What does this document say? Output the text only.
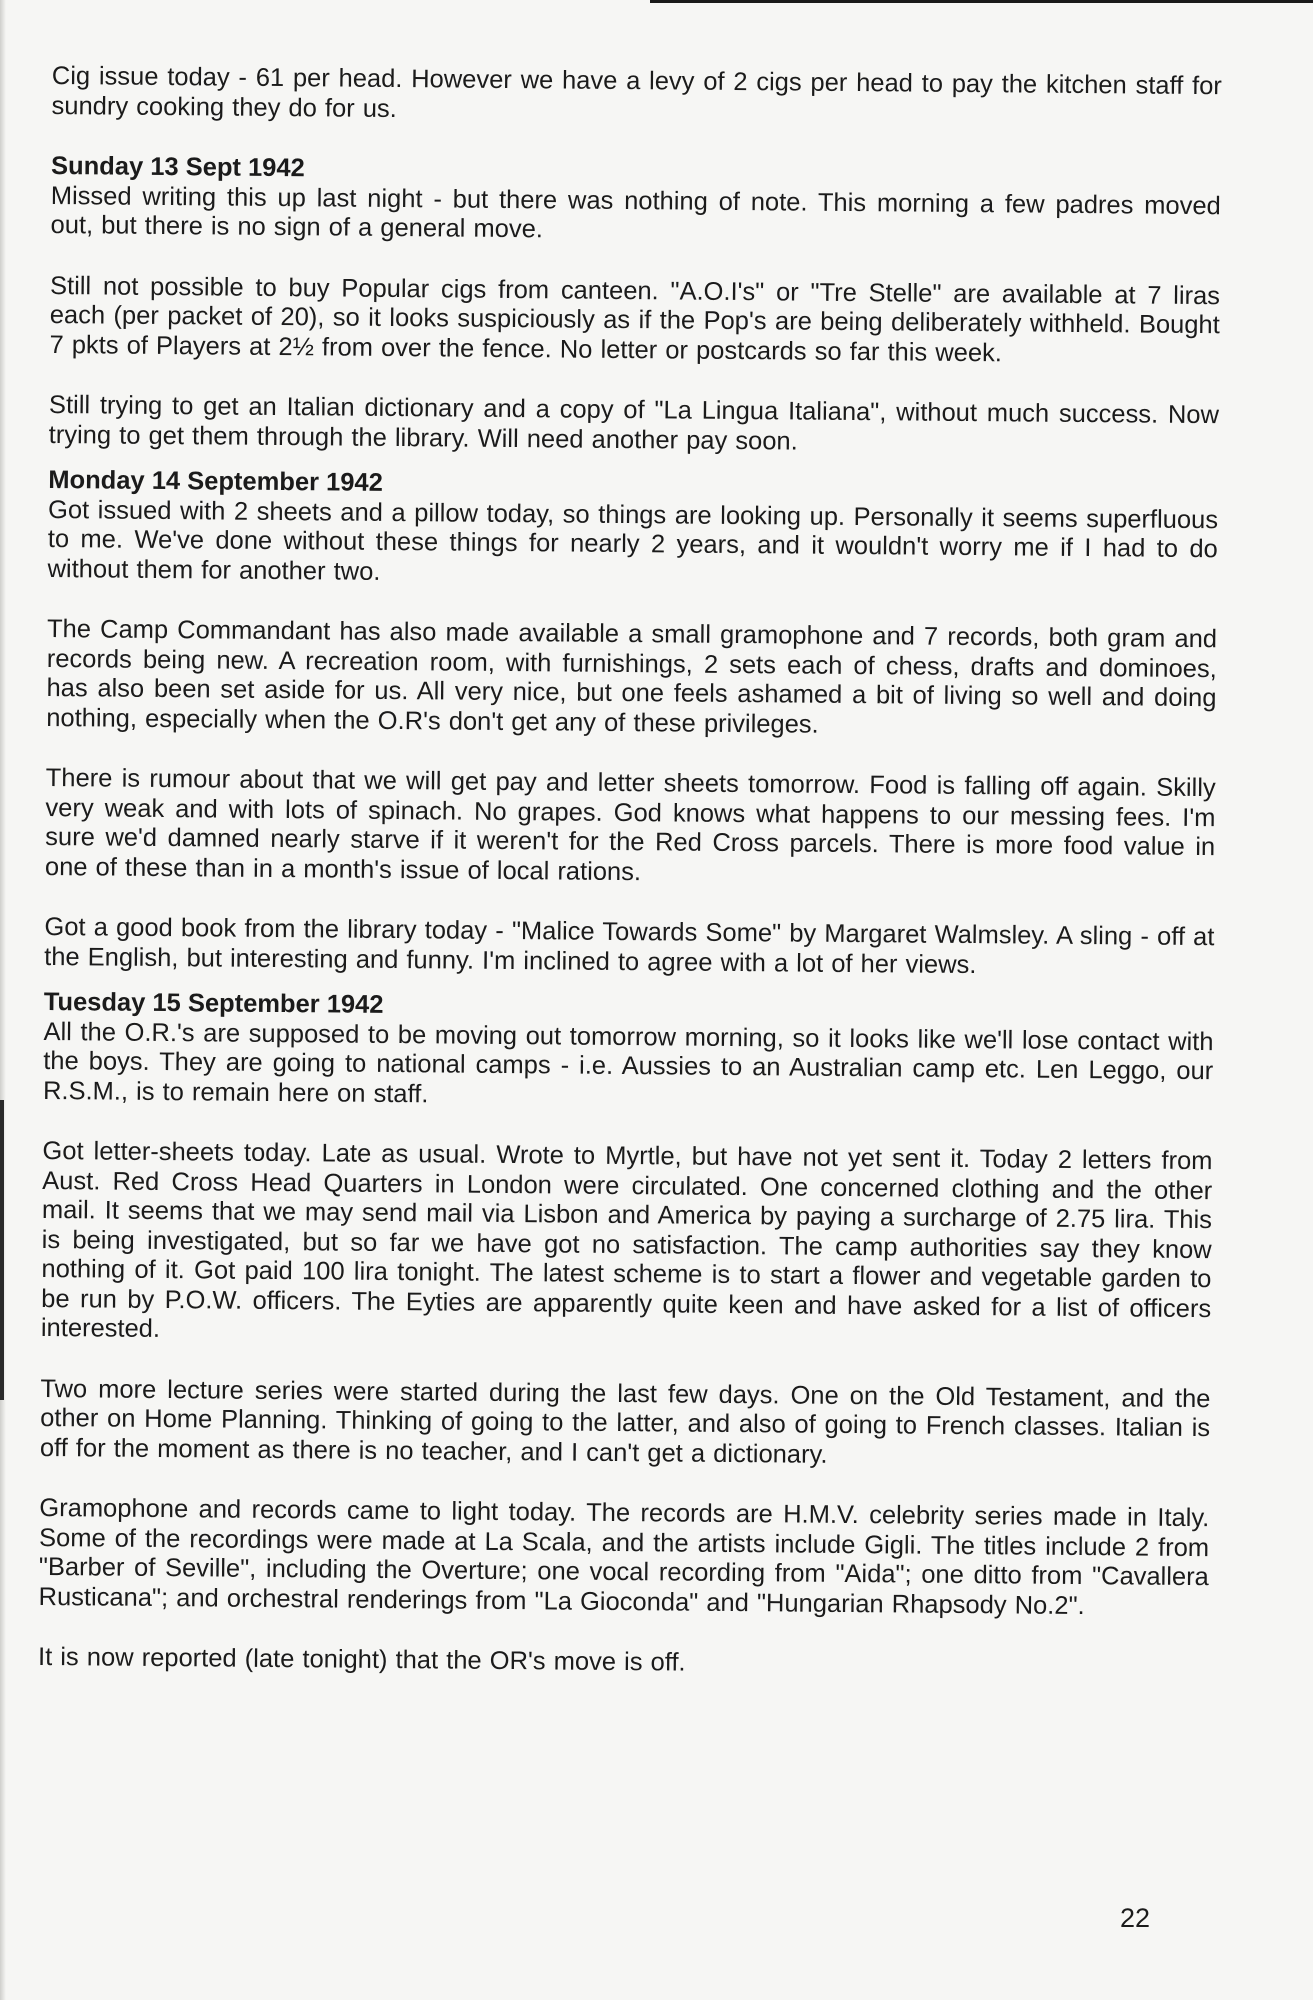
Cig issue today - 61 per head. However we have a levy of 2 cigs per head to pay the kitchen staff for sundry cooking they do for us.

Sunday 13 Sept 1942

Missed writing this up last night - but there was nothing of note. This morning a few padres moved out, but there is no sign of a general move.

Still not possible to buy Popular cigs from canteen. "A.O.I's" or "Tre Stelle" are available at 7 liras each (per packet of 20), so it looks suspiciously as if the Pop's are being deliberately withheld. Bought 7 pkts of Players at 2½ from over the fence. No letter or postcards so far this week.

Still trying to get an Italian dictionary and a copy of "La Lingua Italiana", without much success. Now trying to get them through the library. Will need another pay soon.

Monday 14 September 1942

Got issued with 2 sheets and a pillow today, so things are looking up. Personally it seems superfluous to me. We've done without these things for nearly 2 years, and it wouldn't worry me if I had to do without them for another two.

The Camp Commandant has also made available a small gramophone and 7 records, both gram and records being new. A recreation room, with furnishings, 2 sets each of chess, drafts and dominoes, has also been set aside for us. All very nice, but one feels ashamed a bit of living so well and doing nothing, especially when the O.R's don't get any of these privileges.

There is rumour about that we will get pay and letter sheets tomorrow. Food is falling off again. Skilly very weak and with lots of spinach. No grapes. God knows what happens to our messing fees. I'm sure we'd damned nearly starve if it weren't for the Red Cross parcels. There is more food value in one of these than in a month's issue of local rations.

Got a good book from the library today - "Malice Towards Some" by Margaret Walmsley. A sling - off at the English, but interesting and funny. I'm inclined to agree with a lot of her views.

Tuesday 15 September 1942

All the O.R.'s are supposed to be moving out tomorrow morning, so it looks like we'll lose contact with the boys. They are going to national camps - i.e. Aussies to an Australian camp etc. Len Leggo, our R.S.M., is to remain here on staff.

Got letter-sheets today. Late as usual. Wrote to Myrtle, but have not yet sent it. Today 2 letters from Aust. Red Cross Head Quarters in London were circulated. One concerned clothing and the other mail. It seems that we may send mail via Lisbon and America by paying a surcharge of 2.75 lira. This is being investigated, but so far we have got no satisfaction. The camp authorities say they know nothing of it. Got paid 100 lira tonight. The latest scheme is to start a flower and vegetable garden to be run by P.O.W. officers. The Eyties are apparently quite keen and have asked for a list of officers interested.

Two more lecture series were started during the last few days. One on the Old Testament, and the other on Home Planning. Thinking of going to the latter, and also of going to French classes. Italian is off for the moment as there is no teacher, and I can't get a dictionary.

Gramophone and records came to light today. The records are H.M.V. celebrity series made in Italy. Some of the recordings were made at La Scala, and the artists include Gigli. The titles include 2 from "Barber of Seville", including the Overture; one vocal recording from "Aida"; one ditto from "Cavallera Rusticana"; and orchestral renderings from "La Gioconda" and "Hungarian Rhapsody No.2".

It is now reported (late tonight) that the OR's move is off.

22
